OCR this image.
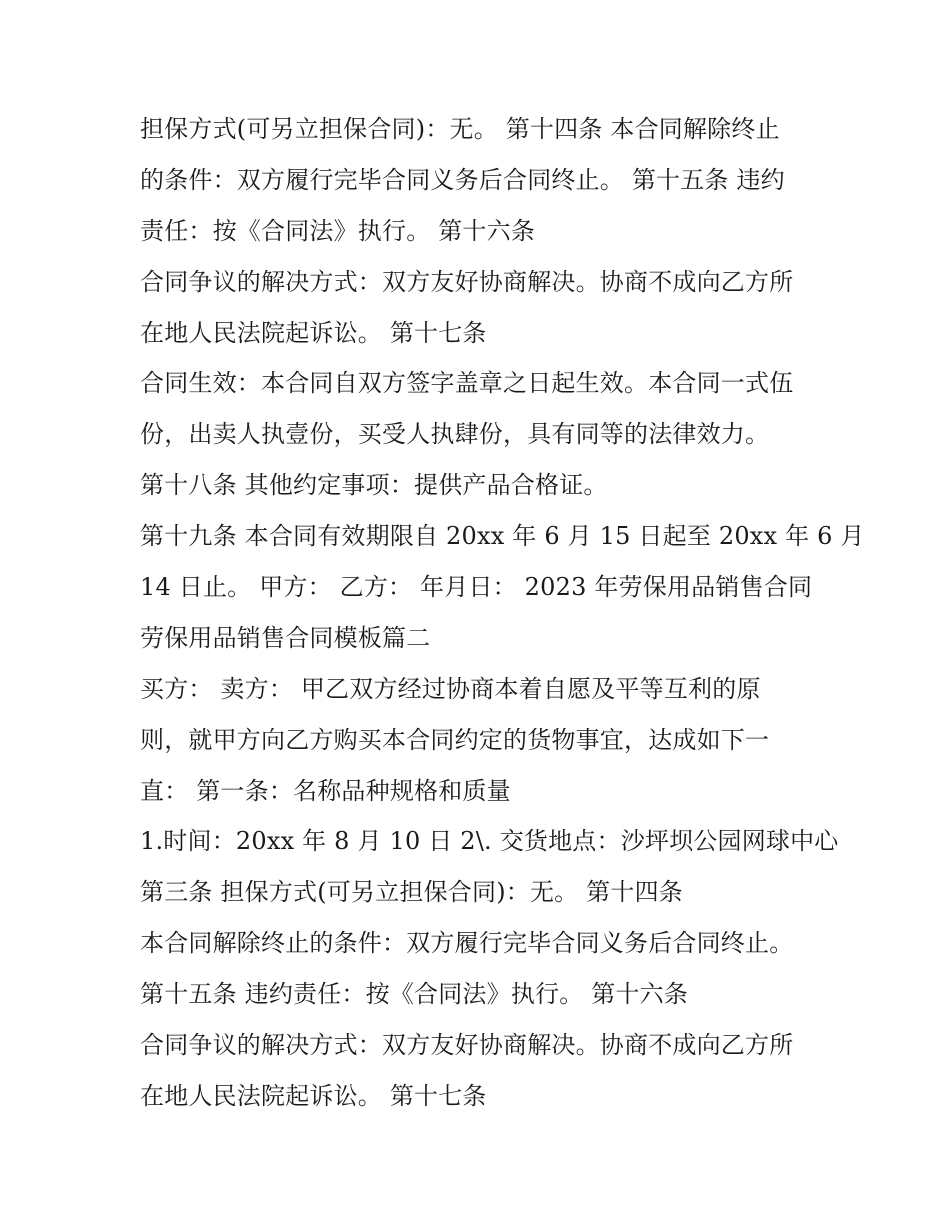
担保方式(可另立担保合同)：无。 第十四条 本合同解除终止
的条件：双方履行完毕合同义务后合同终止。 第十五条 违约
责任：按《合同法》执行。 第十六条
合同争议的解决方式：双方友好协商解决。协商不成向乙方所
在地人民法院起诉讼。 第十七条
合同生效：本合同自双方签字盖章之日起生效。本合同一式伍
份，出卖人执壹份，买受人执肆份，具有同等的法律效力。
第十八条 其他约定事项：提供产品合格证。
第十九条 本合同有效期限自 20xx 年 6 月 15 日起至 20xx 年 6 月
14 日止。 甲方： 乙方： 年月日： 2023 年劳保用品销售合同
劳保用品销售合同模板篇二
买方： 卖方： 甲乙双方经过协商本着自愿及平等互利的原
则，就甲方向乙方购买本合同约定的货物事宜，达成如下一
直： 第一条：名称品种规格和质量
1.时间：20xx 年 8 月 10 日 2\. 交货地点：沙坪坝公园网球中心
第三条 担保方式(可另立担保合同)：无。 第十四条
本合同解除终止的条件：双方履行完毕合同义务后合同终止。
第十五条 违约责任：按《合同法》执行。 第十六条
合同争议的解决方式：双方友好协商解决。协商不成向乙方所
在地人民法院起诉讼。 第十七条
